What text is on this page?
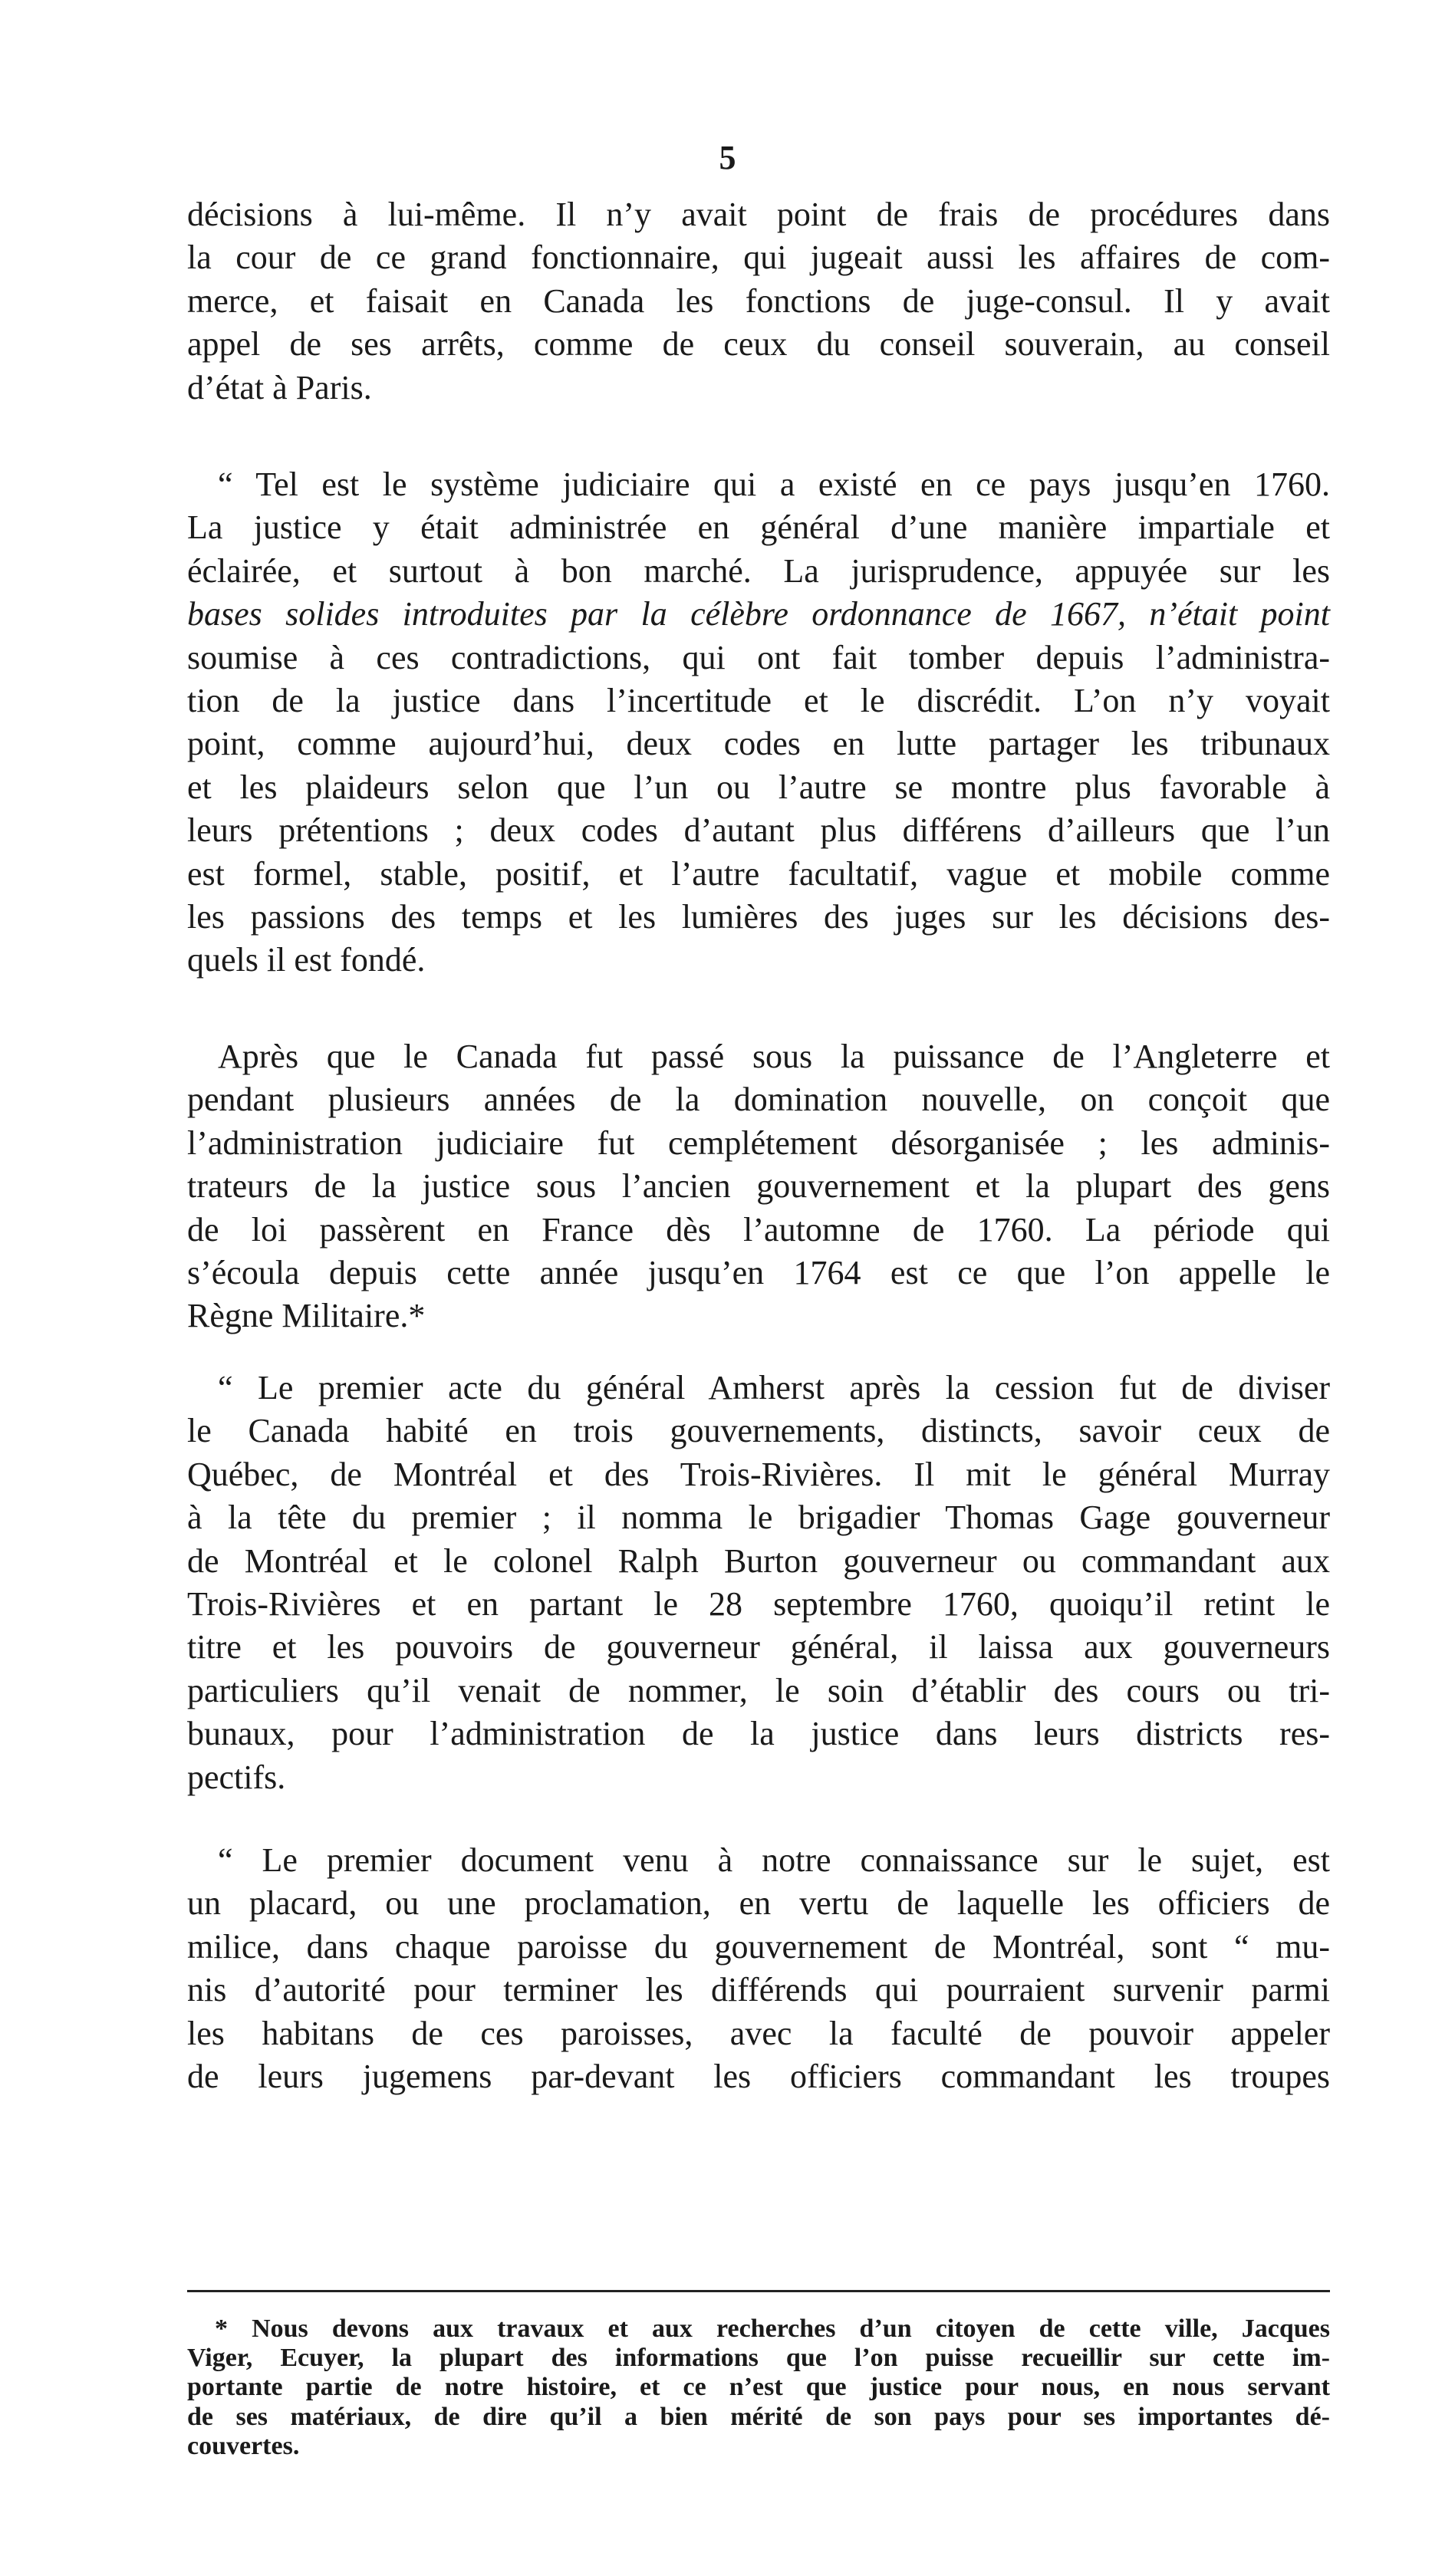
5
décisions à lui-même. Il n’y avait point de frais de procédures dans
la cour de ce grand fonctionnaire, qui jugeait aussi les affaires de com-
merce, et faisait en Canada les fonctions de juge-consul. Il y avait
appel de ses arrêts, comme de ceux du conseil souverain, au conseil
d’état à Paris.
“ Tel est le système judiciaire qui a existé en ce pays jusqu’en 1760.
La justice y était administrée en général d’une manière impartiale et
éclairée, et surtout à bon marché. La jurisprudence, appuyée sur les
bases solides introduites par la célèbre ordonnance de 1667, n’était point
soumise à ces contradictions, qui ont fait tomber depuis l’administra-
tion de la justice dans l’incertitude et le discrédit. L’on n’y voyait
point, comme aujourd’hui, deux codes en lutte partager les tribunaux
et les plaideurs selon que l’un ou l’autre se montre plus favorable à
leurs prétentions ; deux codes d’autant plus différens d’ailleurs que l’un
est formel, stable, positif, et l’autre facultatif, vague et mobile comme
les passions des temps et les lumières des juges sur les décisions des-
quels il est fondé.
Après que le Canada fut passé sous la puissance de l’Angleterre et
pendant plusieurs années de la domination nouvelle, on conçoit que
l’administration judiciaire fut cemplétement désorganisée ; les adminis-
trateurs de la justice sous l’ancien gouvernement et la plupart des gens
de loi passèrent en France dès l’automne de 1760. La période qui
s’écoula depuis cette année jusqu’en 1764 est ce que l’on appelle le
Règne Militaire.*
“ Le premier acte du général Amherst après la cession fut de diviser
le Canada habité en trois gouvernements, distincts, savoir ceux de
Québec, de Montréal et des Trois-Rivières. Il mit le général Murray
à la tête du premier ; il nomma le brigadier Thomas Gage gouverneur
de Montréal et le colonel Ralph Burton gouverneur ou commandant aux
Trois-Rivières et en partant le 28 septembre 1760, quoiqu’il retint le
titre et les pouvoirs de gouverneur général, il laissa aux gouverneurs
particuliers qu’il venait de nommer, le soin d’établir des cours ou tri-
bunaux, pour l’administration de la justice dans leurs districts res-
pectifs.
“ Le premier document venu à notre connaissance sur le sujet, est
un placard, ou une proclamation, en vertu de laquelle les officiers de
milice, dans chaque paroisse du gouvernement de Montréal, sont “ mu-
nis d’autorité pour terminer les différends qui pourraient survenir parmi
les habitans de ces paroisses, avec la faculté de pouvoir appeler
de leurs jugemens par-devant les officiers commandant les troupes
* Nous devons aux travaux et aux recherches d’un citoyen de cette ville, Jacques
Viger, Ecuyer, la plupart des informations que l’on puisse recueillir sur cette im-
portante partie de notre histoire, et ce n’est que justice pour nous, en nous servant
de ses matériaux, de dire qu’il a bien mérité de son pays pour ses importantes dé-
couvertes.
